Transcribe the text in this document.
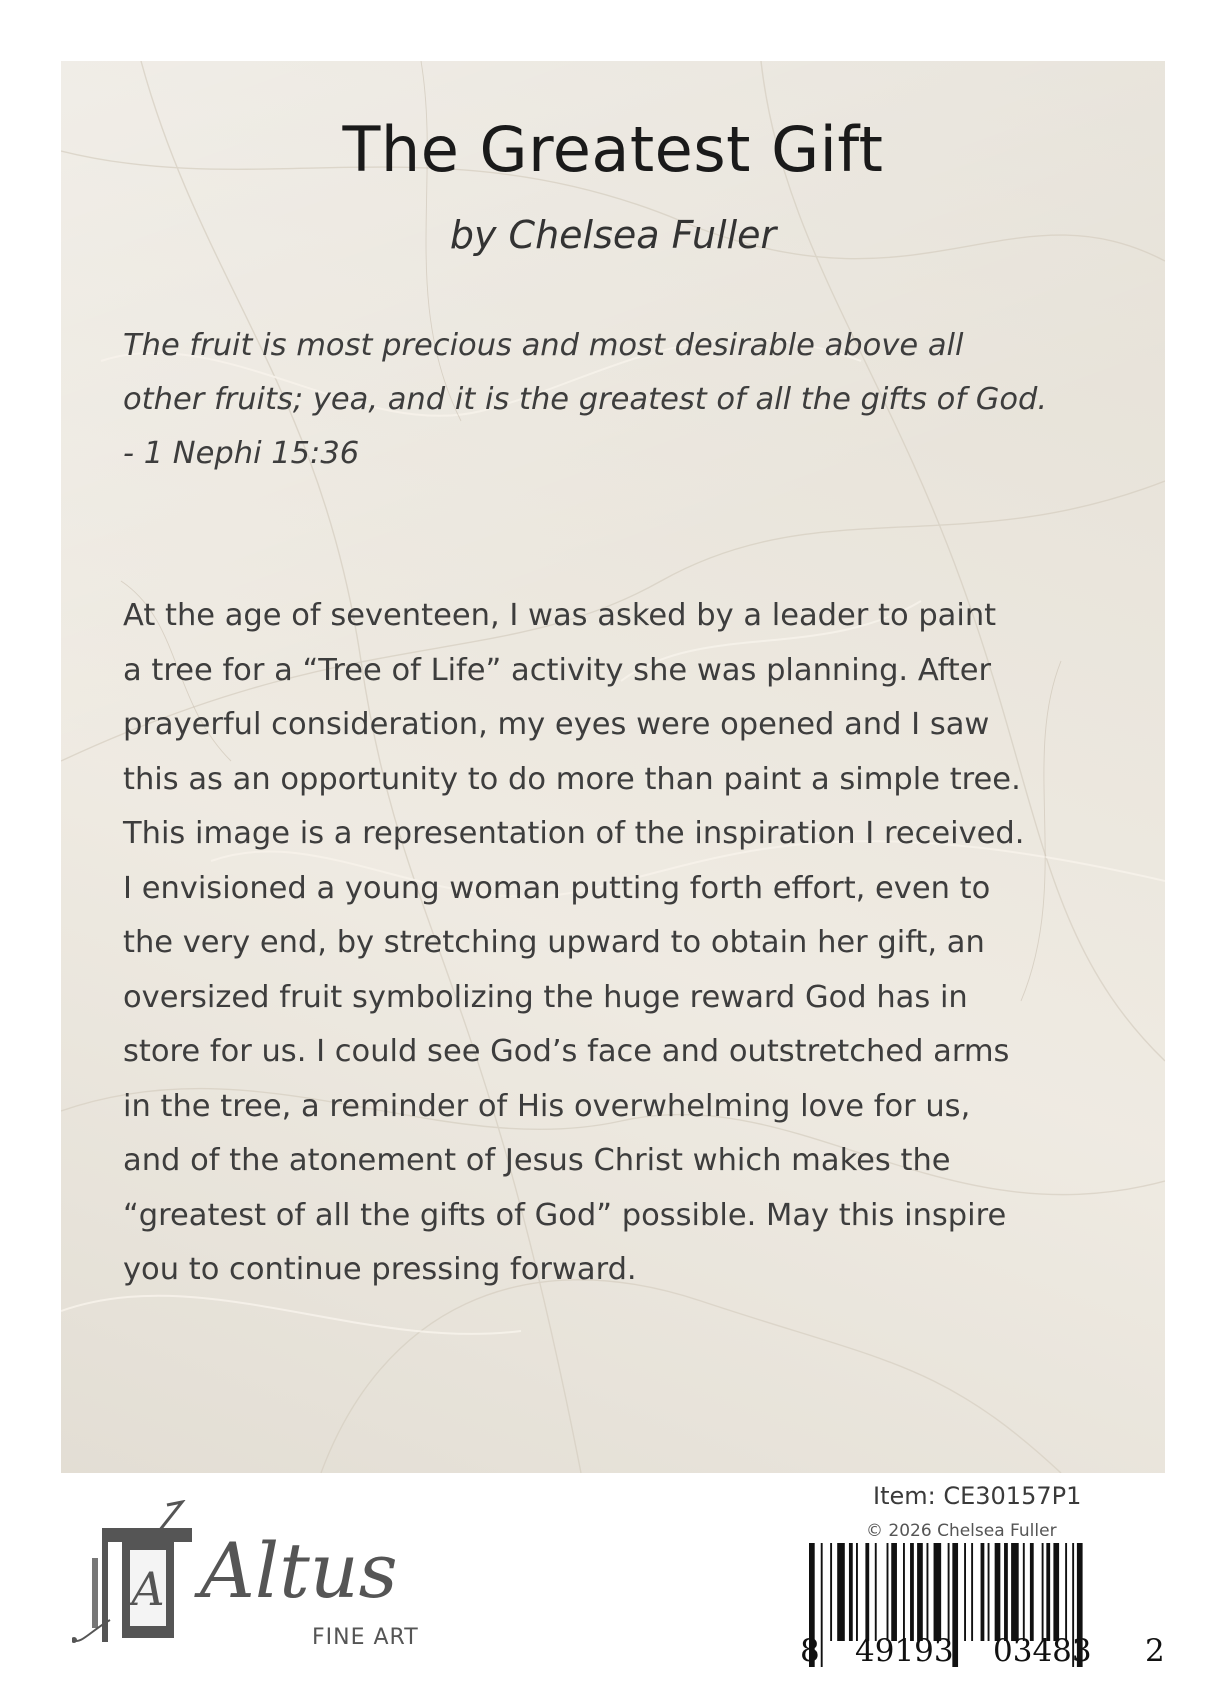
The Greatest Gift
by Chelsea Fuller
The fruit is most precious and most desirable above all
other fruits; yea, and it is the greatest of all the gifts of God.
- 1 Nephi 15:36
At the age of seventeen, I was asked by a leader to paint
a tree for a “Tree of Life” activity she was planning. After
prayerful consideration, my eyes were opened and I saw
this as an opportunity to do more than paint a simple tree.
This image is a representation of the inspiration I received.
I envisioned a young woman putting forth effort, even to
the very end, by stretching upward to obtain her gift, an
oversized fruit symbolizing the huge reward God has in
store for us. I could see God’s face and outstretched arms
in the tree, a reminder of His overwhelming love for us,
and of the atonement of Jesus Christ which makes the
“greatest of all the gifts of God” possible. May this inspire
you to continue pressing forward.
A Altus
FINE ART
Item: CE30157P1
© 2026 Chelsea Fuller
8 49193 03483 2
